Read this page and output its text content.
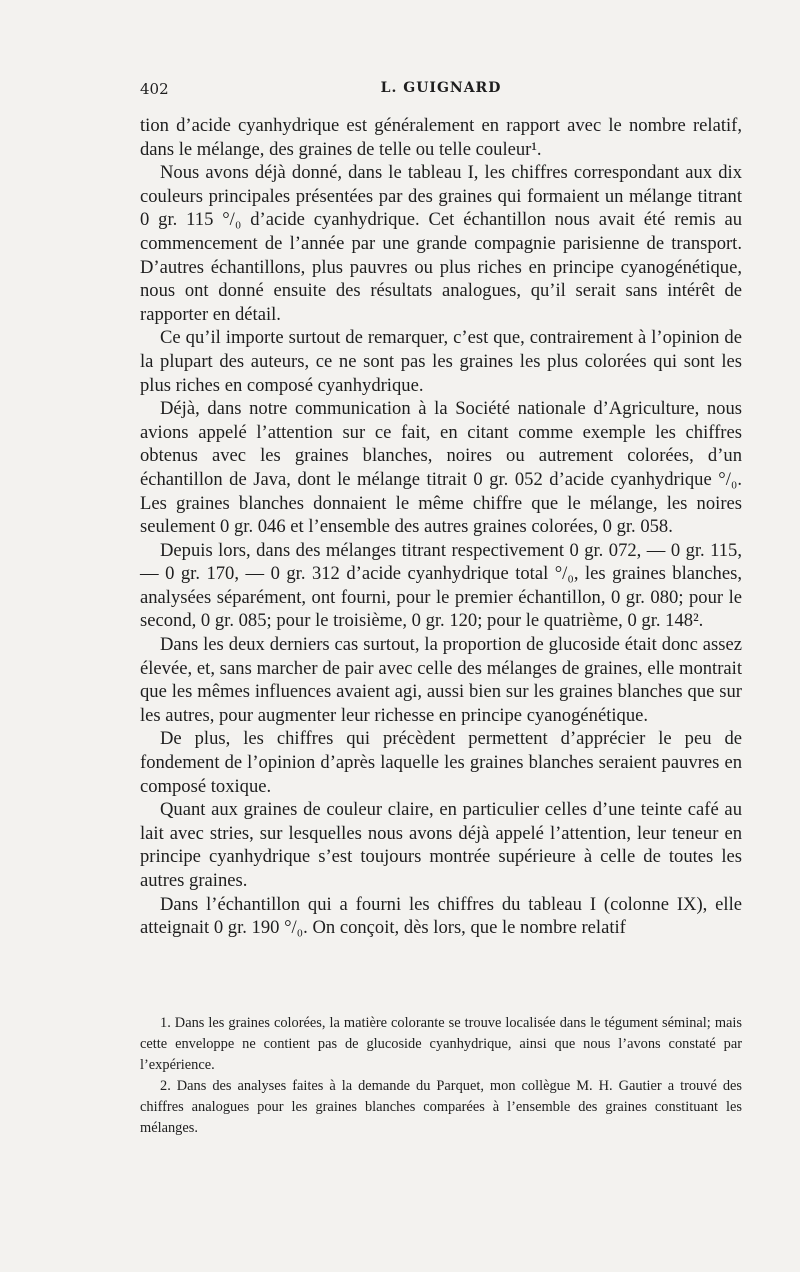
402	L. GUIGNARD

tion d’acide cyanhydrique est généralement en rapport avec le nombre relatif, dans le mélange, des graines de telle ou telle couleur¹.

Nous avons déjà donné, dans le tableau I, les chiffres correspondant aux dix couleurs principales présentées par des graines qui formaient un mélange titrant 0 gr. 115 °/₀ d’acide cyanhydrique. Cet échantillon nous avait été remis au commencement de l’année par une grande compagnie parisienne de transport. D’autres échantillons, plus pauvres ou plus riches en principe cyanogénétique, nous ont donné ensuite des résultats analogues, qu’il serait sans intérêt de rapporter en détail.

Ce qu’il importe surtout de remarquer, c’est que, contrairement à l’opinion de la plupart des auteurs, ce ne sont pas les graines les plus colorées qui sont les plus riches en composé cyanhydrique.

Déjà, dans notre communication à la Société nationale d’Agriculture, nous avions appelé l’attention sur ce fait, en citant comme exemple les chiffres obtenus avec les graines blanches, noires ou autrement colorées, d’un échantillon de Java, dont le mélange titrait 0 gr. 052 d’acide cyanhydrique °/₀. Les graines blanches donnaient le même chiffre que le mélange, les noires seulement 0 gr. 046 et l’ensemble des autres graines colorées, 0 gr. 058.

Depuis lors, dans des mélanges titrant respectivement 0 gr. 072, — 0 gr. 115, — 0 gr. 170, — 0 gr. 312 d’acide cyanhydrique total °/₀, les graines blanches, analysées séparément, ont fourni, pour le premier échantillon, 0 gr. 080; pour le second, 0 gr. 085; pour le troisième, 0 gr. 120; pour le quatrième, 0 gr. 148².

Dans les deux derniers cas surtout, la proportion de glucoside était donc assez élevée, et, sans marcher de pair avec celle des mélanges de graines, elle montrait que les mêmes influences avaient agi, aussi bien sur les graines blanches que sur les autres, pour augmenter leur richesse en principe cyanogénétique.

De plus, les chiffres qui précèdent permettent d’apprécier le peu de fondement de l’opinion d’après laquelle les graines blanches seraient pauvres en composé toxique.

Quant aux graines de couleur claire, en particulier celles d’une teinte café au lait avec stries, sur lesquelles nous avons déjà appelé l’attention, leur teneur en principe cyanhydrique s’est toujours montrée supérieure à celle de toutes les autres graines.

Dans l’échantillon qui a fourni les chiffres du tableau I (colonne IX), elle atteignait 0 gr. 190 °/₀. On conçoit, dès lors, que le nombre relatif

1. Dans les graines colorées, la matière colorante se trouve localisée dans le tégument séminal; mais cette enveloppe ne contient pas de glucoside cyanhydrique, ainsi que nous l’avons constaté par l’expérience.

2. Dans des analyses faites à la demande du Parquet, mon collègue M. H. Gautier a trouvé des chiffres analogues pour les graines blanches comparées à l’ensemble des graines constituant les mélanges.
